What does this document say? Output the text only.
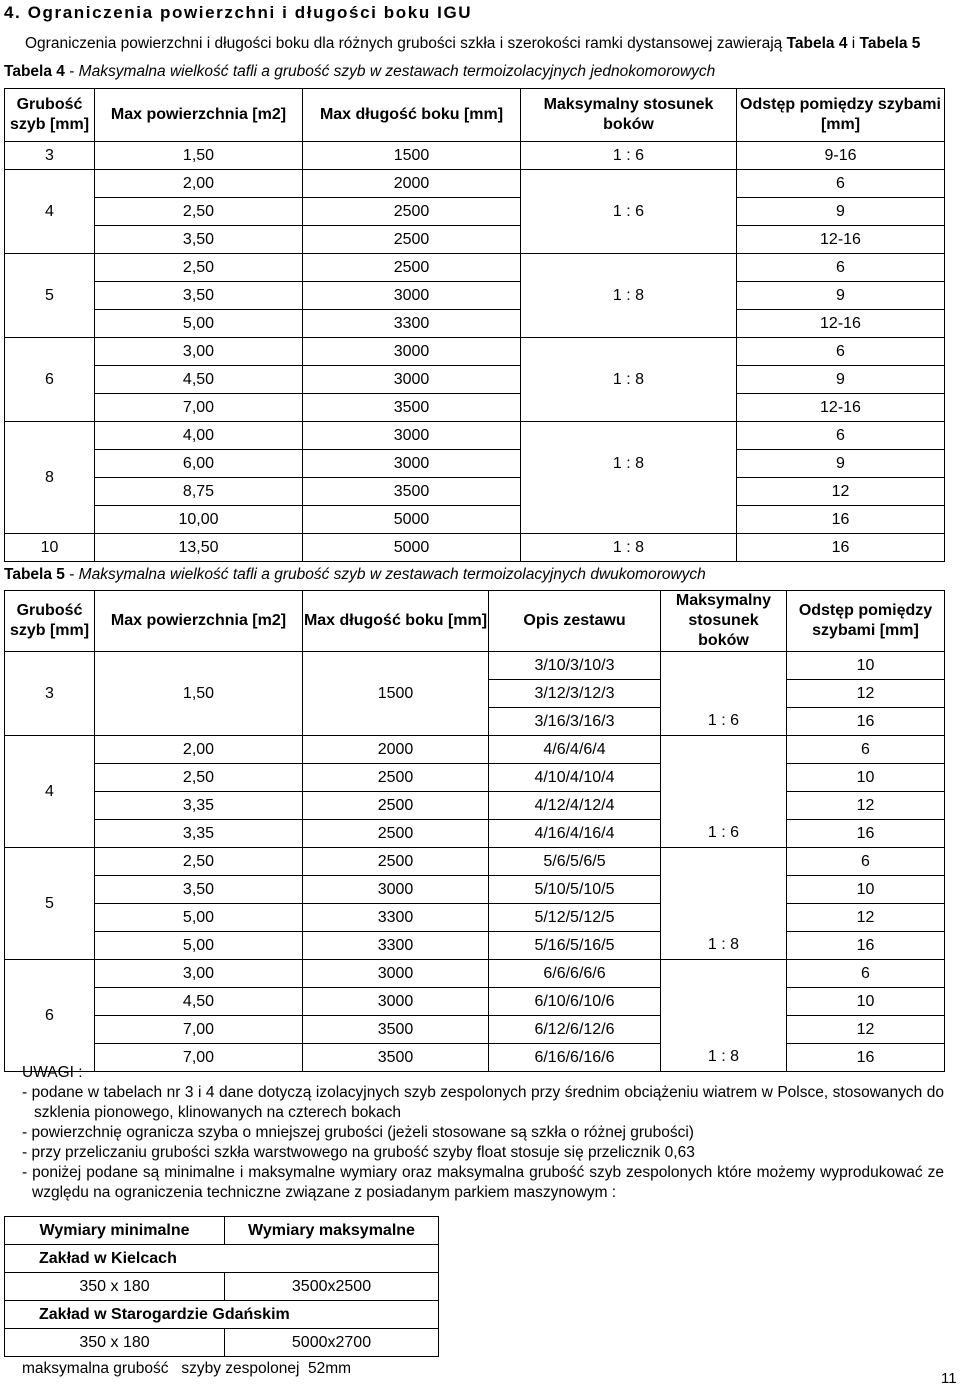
4. Ograniczenia powierzchni i długości boku IGU
Ograniczenia powierzchni i długości boku dla różnych grubości szkła i szerokości ramki dystansowej zawierają Tabela 4 i Tabela 5
Tabela 4 - Maksymalna wielkość tafli a grubość szyb w zestawach termoizolacyjnych jednokomorowych
Grubość szyb [mm]	Max powierzchnia [m2]	Max długość boku [mm]	Maksymalny stosunek boków	Odstęp pomiędzy szybami [mm]
3	1,50	1500	1 : 6	9-16
4	2,00	2000		6
	2,50	2500	1 : 6	9
	3,50	2500		12-16
5	2,50	2500		6
	3,50	3000	1 : 8	9
	5,00	3300		12-16
6	3,00	3000		6
	4,50	3000	1 : 8	9
	7,00	3500		12-16
8	4,00	3000		6
	6,00	3000	1 : 8	9
	8,75	3500		12
	10,00	5000		16
10	13,50	5000	1 : 8	16
Tabela 5 - Maksymalna wielkość tafli a grubość szyb w zestawach termoizolacyjnych dwukomorowych
Grubość szyb [mm]	Max powierzchnia [m2]	Max długość boku [mm]	Opis zestawu	Maksymalny stosunek boków	Odstęp pomiędzy szybami [mm]
3	1,50	1500	3/10/3/10/3		10
			3/12/3/12/3		12
			3/16/3/16/3	1 : 6	16
4	2,00	2000	4/6/4/6/4		6
	2,50	2500	4/10/4/10/4		10
	3,35	2500	4/12/4/12/4		12
	3,35	2500	4/16/4/16/4	1 : 6	16
5	2,50	2500	5/6/5/6/5		6
	3,50	3000	5/10/5/10/5		10
	5,00	3300	5/12/5/12/5		12
	5,00	3300	5/16/5/16/5	1 : 8	16
6	3,00	3000	6/6/6/6/6		6
	4,50	3000	6/10/6/10/6		10
	7,00	3500	6/12/6/12/6		12
	7,00	3500	6/16/6/16/6	1 : 8	16
UWAGI :
- podane w tabelach nr 3 i 4 dane dotyczą izolacyjnych szyb zespolonych przy średnim obciążeniu wiatrem w Polsce, stosowanych do szklenia pionowego, klinowanych na czterech bokach
- powierzchnię ogranicza szyba o mniejszej grubości (jeżeli stosowane są szkła o różnej grubości)
- przy przeliczaniu grubości szkła warstwowego na grubość szyby float stosuje się przelicznik 0,63
- poniżej podane są minimalne i maksymalne wymiary oraz maksymalna grubość szyb zespolonych które możemy wyprodukować ze względu na ograniczenia techniczne związane z posiadanym parkiem maszynowym :
Wymiary minimalne	Wymiary maksymalne
Zakład w Kielcach	
350 x 180	3500x2500
Zakład w Starogardzie Gdańskim	
350 x 180	5000x2700
maksymalna grubość   szyby zespolonej  52mm
11
